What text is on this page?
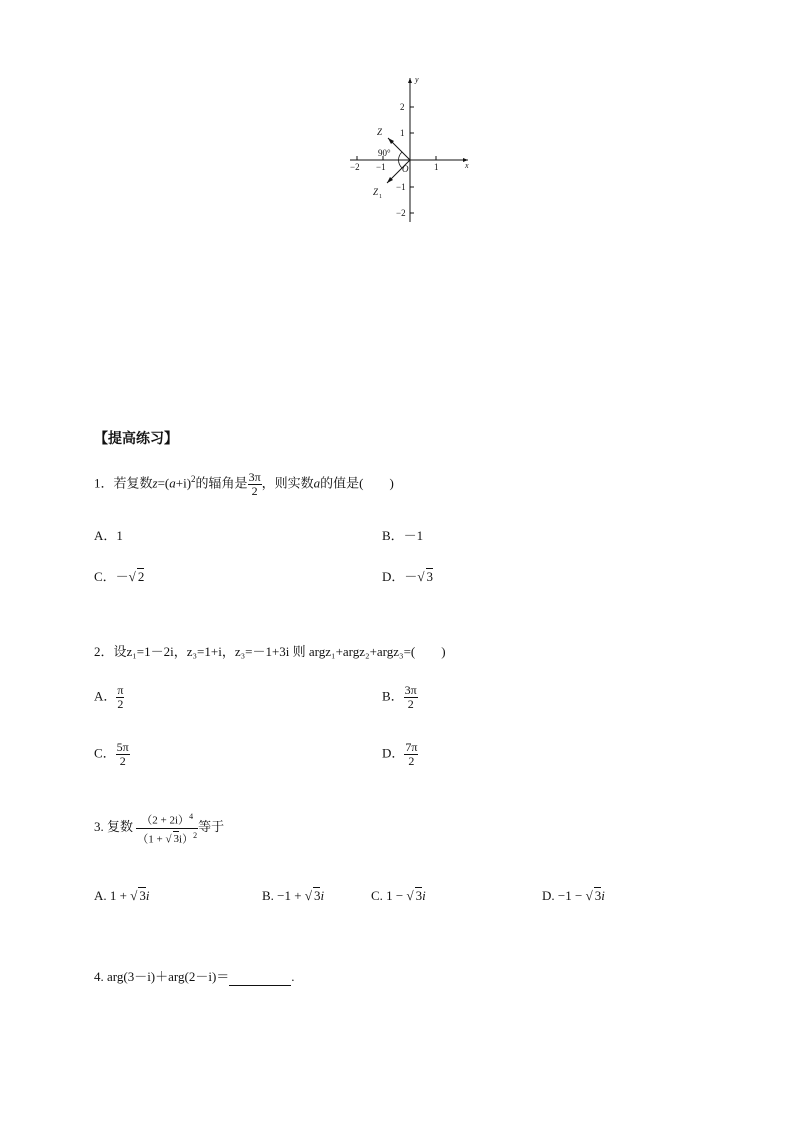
y
x
O
2
1
−1
−2
−2 −1	1
Z
Z 1
90°
【提高练习】
1．若复数$z=(a+i)^2$的辐角是 $\frac{3\pi}{2}$ ，则实数a的值是(　　)
A．1	B．－1
C．－√ 2	D．－√ 3
2．设z₁=1－2i，z₃=1+i，z₃=－1+3i 则 argz₁+argz₂+argz₃=(　　)
A． $\frac{\pi}{2}$	B． $\frac{3\pi}{2}$
C． $\frac{5\pi}{2}$	D． $\frac{7\pi}{2}$
3. 复数 $\frac{(2 + 2i)^4}{(1 + √ 3i)^2}$ 等于
A. 1 + √ 3i	B. −1 + √ 3i	C. 1 − √ 3i	D. −1 − √ 3i
4. arg(3－i)＋arg(2－i)＝	.
